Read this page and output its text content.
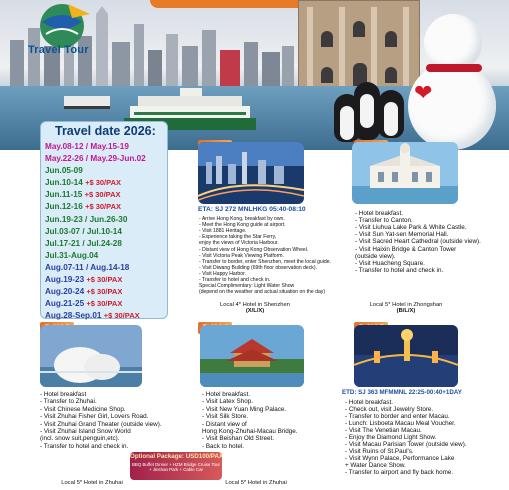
❤
Travel Tour
Travel date 2026:
May.08-12 / May.15-19
May.22-26 / May.29-Jun.02
Jun.05-09
Jun.10-14 +$ 30/PAX
Jun.11-15 +$ 30/PAX
Jun.12-16 +$ 30/PAX
Jun.19-23 / Jun.26-30
Jul.03-07 / Jul.10-14
Jul.17-21 / Jul.24-28
Jul.31-Aug.04
Aug.07-11 / Aug.14-18
Aug.19-23 +$ 30/PAX
Aug.20-24 +$ 30/PAX
Aug.21-25 +$ 30/PAX
Aug.28-Sep.01 +$ 30/PAX
ETA: SJ 272 MNLHKG 05:40-08:10
- Arrive Hong Kong, breakfast by own.
- Meet the Hong Kong guide at airport.
- Visit 1881 Heritage.
- Experience taking the Star Ferry,
enjoy the views of Victoria Harbour.
- Distant view of Hong Kong Observation Wheel.
- Visit Victoria Peak Viewing Platform.
- Transfer to border, enter Shenzhen, meet the local guide.
- Visit Diwang Building (69th floor observation deck).
- Visit Happy Harbor.
- Transfer to hotel and check in.
Special Complimentary: Light Water Show
(depend on the weather and actual situation on the day)
Local 4* Hotel in Shenzhen
(X/L/X)
- Hotel breakfast.
- Transfer to Canton.
- Visit Liuhua Lake Park & White Castle.
- Visit Sun Yat-sen Memorial Hall.
- Visit Sacred Heart Cathedral (outside view).
- Visit Haixin Bridge & Canton Tower
(outside view).
- Visit Huacheng Square.
- Transfer to hotel and check in.
Local 5* Hotel in Zhongshan
(B/L/X)
- Hotel breakfast
- Transfer to Zhuhai.
- Visit Chinese Medicine Shop.
- Visit Zhuhai Fisher Girl, Lovers Road.
- Visit Zhuhai Grand Theater (outside view).
- Visit Zhuhai Island Snow World
(incl. snow suit,penguin,etc).
- Transfer to hotel and check in.
- Hotel breakfast.
- Visit Latex Shop.
- Visit New Yuan Ming Palace.
- Visit Silk Store.
- Distant view of
Hong Kong-Zhuhai-Macau Bridge.
- Visit Beishan Old Street.
- Back to hotel.
ETD: SJ 363 MFMMNL 22:25-00:40+1DAY
- Hotel breakfast.
- Check out, visit Jewelry Store.
- Transfer to border and enter Macau.
- Lunch: Lisboeta Macau Meal Voucher.
- Visit The Venetian Macau.
- Enjoy the Diamond Light Show.
- Visit Macau Parisian Tower (outside view).
- Visit Ruins of St.Paul's.
- Visit Wynn Palace, Performance Lake
+ Water Dance Show.
- Transfer to airport and fly back home.
Optional Package: USD100/PAX
BBQ Buffet Dinner + HZM Bridge Cruise Tour
+ Jinshan Park + Cable Car
Local 5* Hotel in Zhuhai	Local 5* Hotel in Zhuhai
